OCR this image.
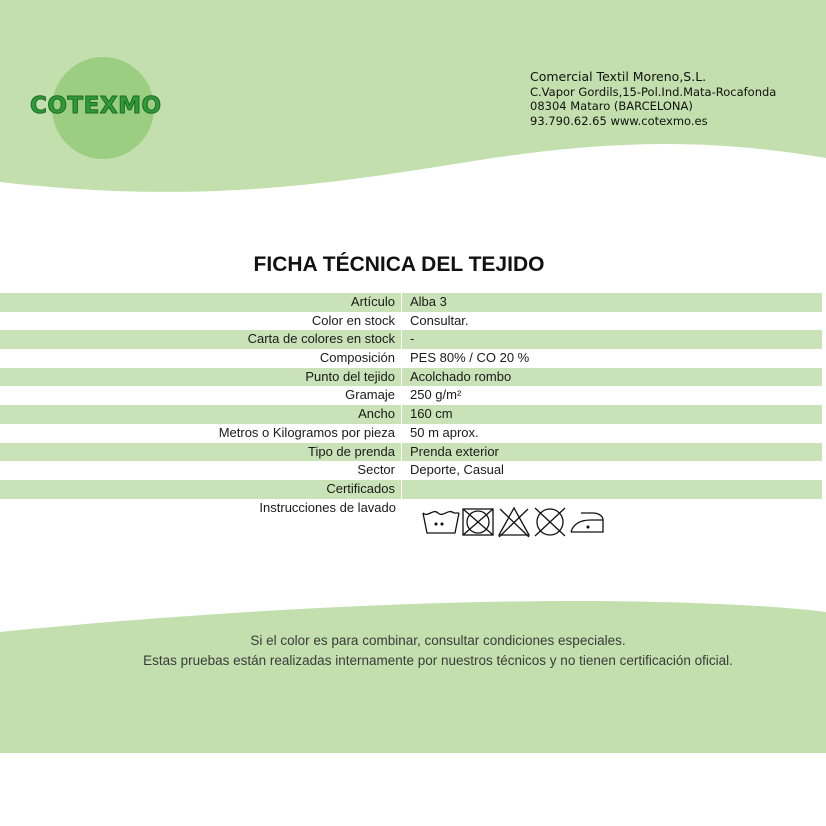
COTEXMO
Comercial Textil Moreno,S.L.
C.Vapor Gordils,15-Pol.Ind.Mata-Rocafonda
08304 Mataro (BARCELONA)
93.790.62.65 www.cotexmo.es
FICHA TÉCNICA DEL TEJIDO
Artículo	Alba 3
Color en stock	Consultar.
Carta de colores en stock	-
Composición	PES 80% / CO 20 %
Punto del tejido	Acolchado rombo
Gramaje	250 g/m²
Ancho	160 cm
Metros o Kilogramos por pieza	50 m aprox.
Tipo de prenda	Prenda exterior
Sector	Deporte, Casual
Certificados
Instrucciones de lavado
Si el color es para combinar, consultar condiciones especiales.
Estas pruebas están realizadas internamente por nuestros técnicos y no tienen certificación oficial.
